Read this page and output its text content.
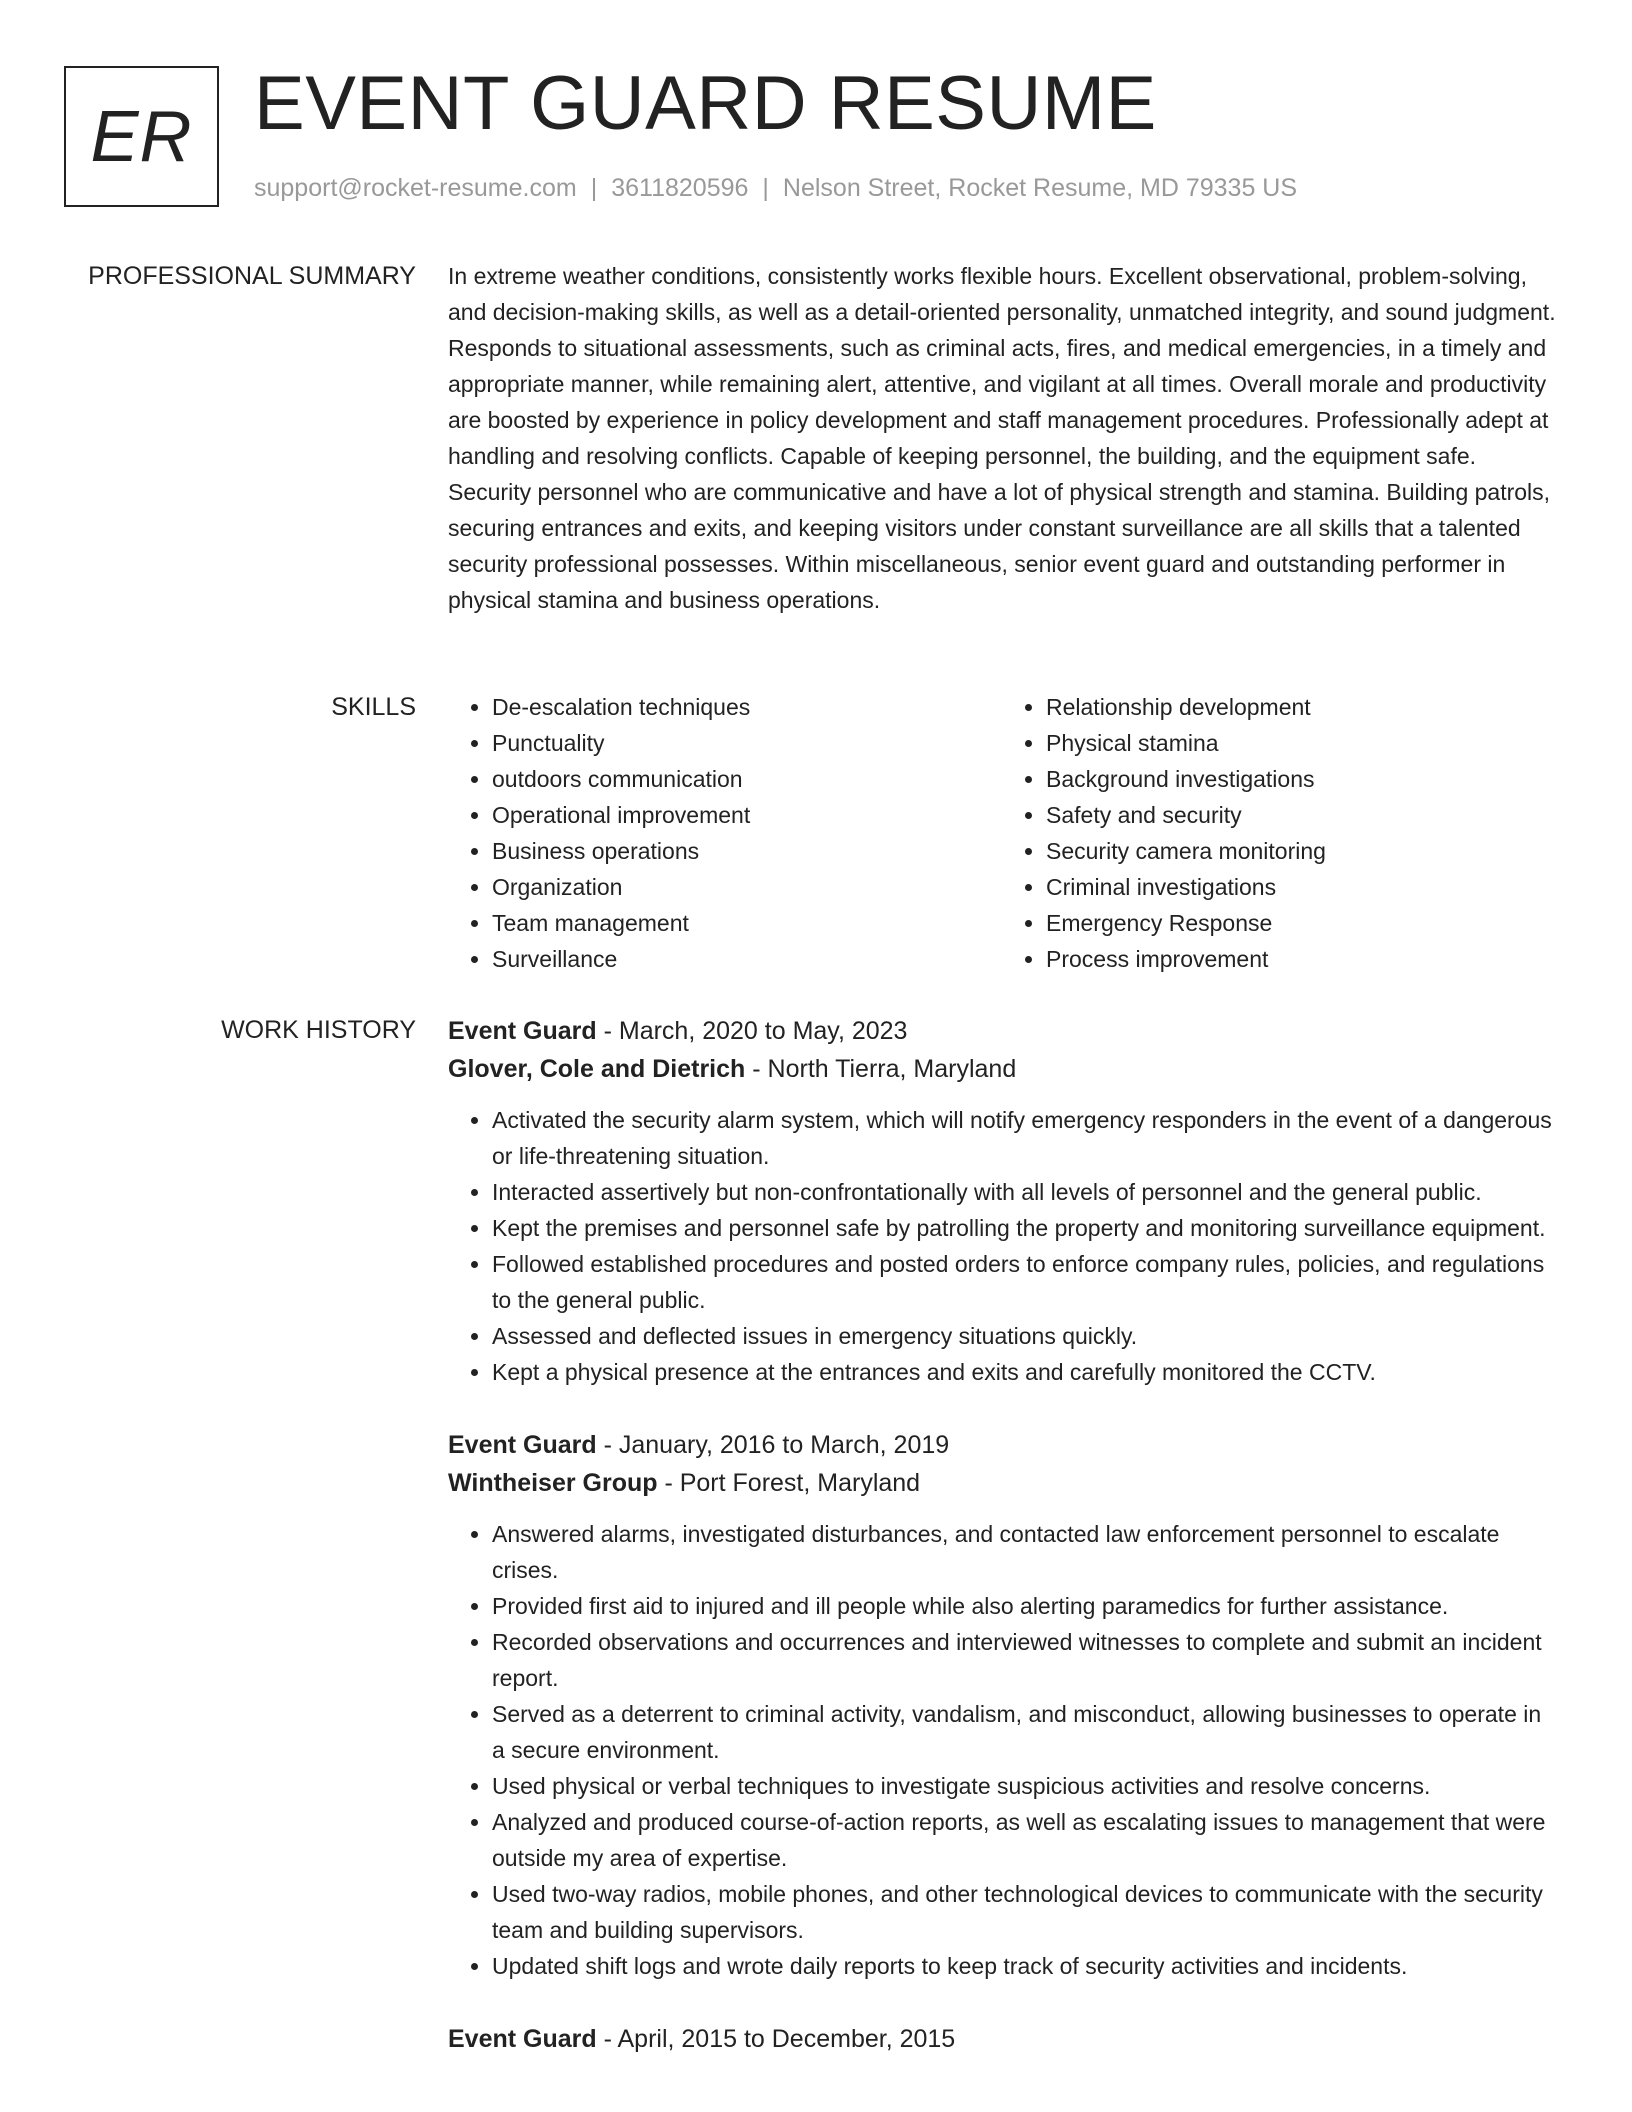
ER EVENT GUARD RESUME
support@rocket-resume.com | 3611820596 | Nelson Street, Rocket Resume, MD 79335 US
PROFESSIONAL SUMMARY In extreme weather conditions, consistently works flexible hours. Excellent observational, problem-solving, and decision-making skills, as well as a detail-oriented personality, unmatched integrity, and sound judgment. Responds to situational assessments, such as criminal acts, fires, and medical emergencies, in a timely and appropriate manner, while remaining alert, attentive, and vigilant at all times. Overall morale and productivity are boosted by experience in policy development and staff management procedures. Professionally adept at handling and resolving conflicts. Capable of keeping personnel, the building, and the equipment safe. Security personnel who are communicative and have a lot of physical strength and stamina. Building patrols, securing entrances and exits, and keeping visitors under constant surveillance are all skills that a talented security professional possesses. Within miscellaneous, senior event guard and outstanding performer in physical stamina and business operations.

SKILLS
•	De-escalation techniques
• Punctuality
• outdoors communication
• Operational improvement
• Business operations
• Organization
• Team management
• Surveillance
• Relationship development
• Physical stamina
• Background investigations
• Safety and security
• Security camera monitoring
• Criminal investigations
• Emergency Response
• Process improvement
WORK HISTORY Event Guard - March, 2020 to May, 2023
Glover, Cole and Dietrich - North Tierra, Maryland
• Activated the security alarm system, which will notify emergency responders in the event of a dangerous or life-threatening situation.
• Interacted assertively but non-confrontationally with all levels of personnel and the general public.
• Kept the premises and personnel safe by patrolling the property and monitoring surveillance equipment.
• Followed established procedures and posted orders to enforce company rules, policies, and regulations to the general public.
• Assessed and deflected issues in emergency situations quickly.
• Kept a physical presence at the entrances and exits and carefully monitored the CCTV.
Event Guard - January, 2016 to March, 2019
Wintheiser Group - Port Forest, Maryland
• Answered alarms, investigated disturbances, and contacted law enforcement personnel to escalate crises.
• Provided first aid to injured and ill people while also alerting paramedics for further assistance.
• Recorded observations and occurrences and interviewed witnesses to complete and submit an incident report.
• Served as a deterrent to criminal activity, vandalism, and misconduct, allowing businesses to operate in a secure environment.
• Used physical or verbal techniques to investigate suspicious activities and resolve concerns.
• Analyzed and produced course-of-action reports, as well as escalating issues to management that were outside my area of expertise.
• Used two-way radios, mobile phones, and other technological devices to communicate with the security team and building supervisors.
• Updated shift logs and wrote daily reports to keep track of security activities and incidents.
Event Guard - April, 2015 to December, 2015
